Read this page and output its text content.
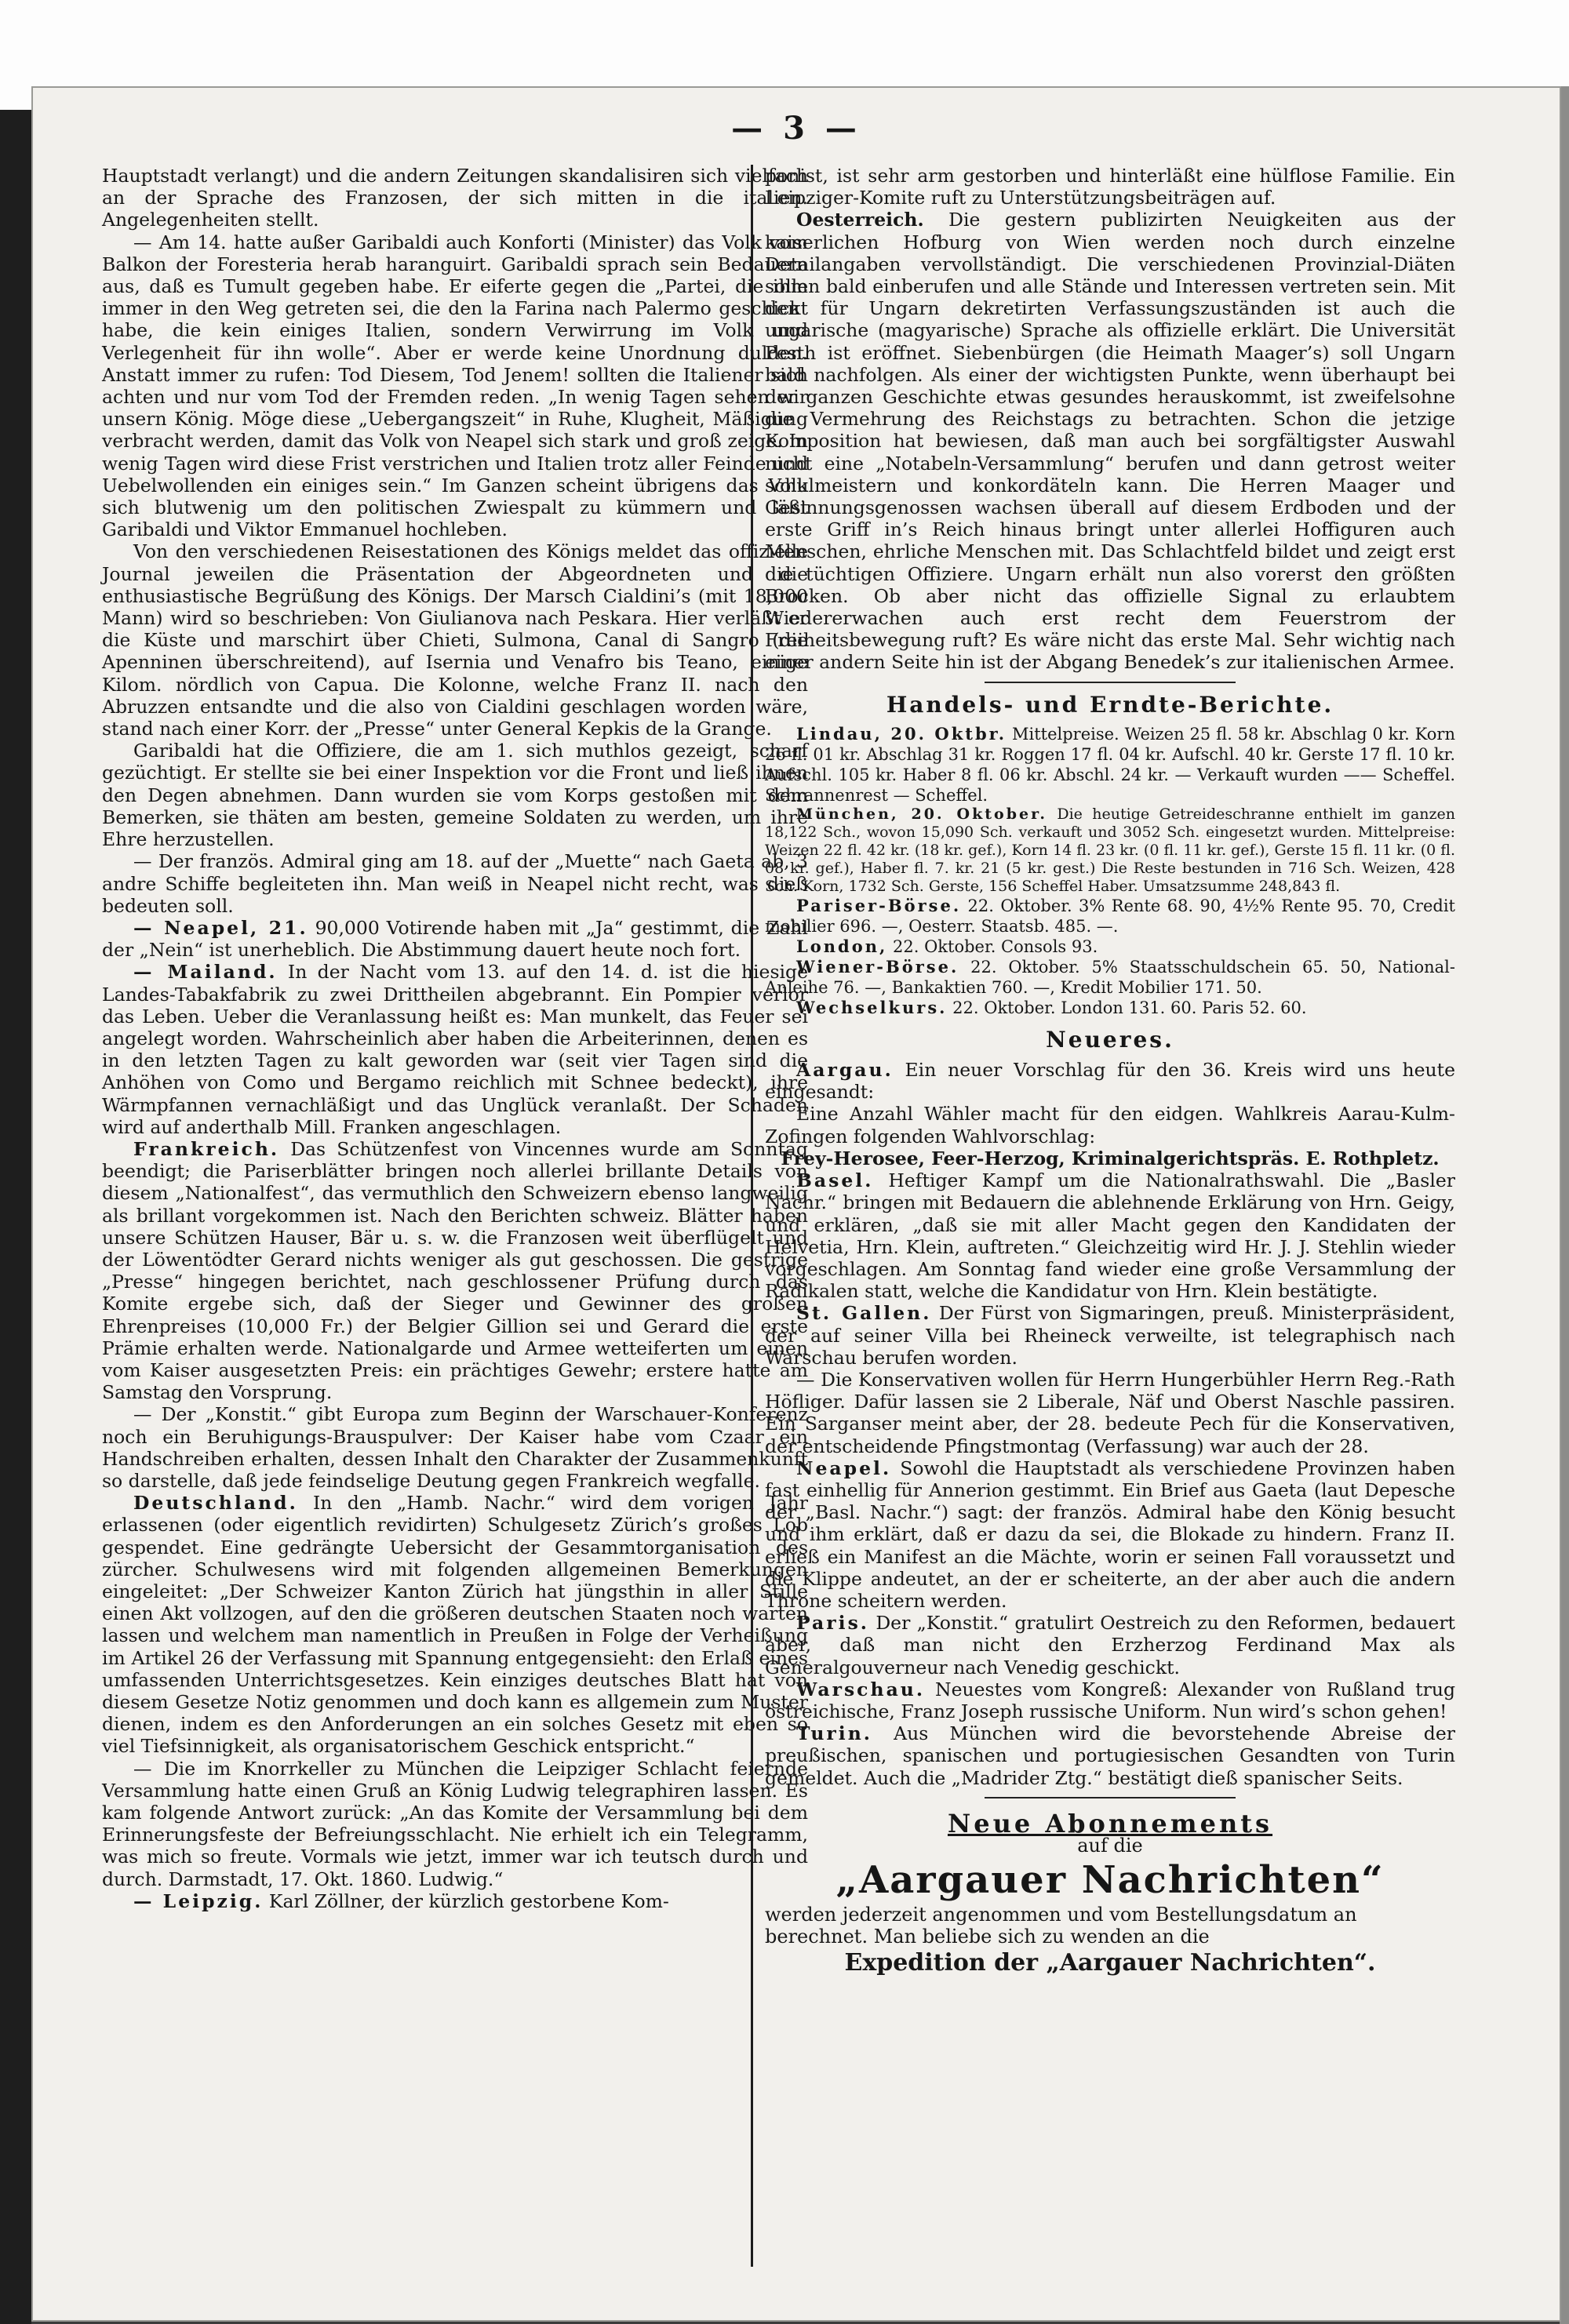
— 3 —

Hauptstadt verlangt) und die andern Zeitungen skandalisiren sich vielfach an der Sprache des Franzosen, der sich mitten in die italien. Angelegenheiten stellt.

— Am 14. hatte außer Garibaldi auch Konforti (Minister) das Volk vom Balkon der Foresteria herab haranguirt. Garibaldi sprach sein Bedauern aus, daß es Tumult gegeben habe. Er eiferte gegen die „Partei, die ihm immer in den Weg getreten sei, die den la Farina nach Palermo geschickt habe, die kein einiges Italien, sondern Verwirrung im Volk und Verlegenheit für ihn wolle“. Aber er werde keine Unordnung dulden. Anstatt immer zu rufen: Tod Diesem, Tod Jenem! sollten die Italiener sich achten und nur vom Tod der Fremden reden. „In wenig Tagen sehen wir unsern König. Möge diese „Uebergangszeit“ in Ruhe, Klugheit, Mäßigung verbracht werden, damit das Volk von Neapel sich stark und groß zeige. In wenig Tagen wird diese Frist verstrichen und Italien trotz aller Feinde und Uebelwollenden ein einiges sein.“ Im Ganzen scheint übrigens das Volk sich blutwenig um den politischen Zwiespalt zu kümmern und läßt Garibaldi und Viktor Emmanuel hochleben.

Von den verschiedenen Reisestationen des Königs meldet das offizielle Journal jeweilen die Präsentation der Abgeordneten und die enthusiastische Begrüßung des Königs. Der Marsch Cialdini’s (mit 18,000 Mann) wird so beschrieben: Von Giulianova nach Peskara. Hier verläßt er die Küste und marschirt über Chieti, Sulmona, Canal di Sangro (die Apenninen überschreitend), auf Isernia und Venafro bis Teano, einige Kilom. nördlich von Capua. Die Kolonne, welche Franz II. nach den Abruzzen entsandte und die also von Cialdini geschlagen worden wäre, stand nach einer Korr. der „Presse“ unter General Kepkis de la Grange.

Garibaldi hat die Offiziere, die am 1. sich muthlos gezeigt, scharf gezüchtigt. Er stellte sie bei einer Inspektion vor die Front und ließ ihnen den Degen abnehmen. Dann wurden sie vom Korps gestoßen mit dem Bemerken, sie thäten am besten, gemeine Soldaten zu werden, um ihre Ehre herzustellen.

— Der französ. Admiral ging am 18. auf der „Muette“ nach Gaeta ab, 3 andre Schiffe begleiteten ihn. Man weiß in Neapel nicht recht, was dieß bedeuten soll.

— Neapel, 21. 90,000 Votirende haben mit „Ja“ gestimmt, die Zahl der „Nein“ ist unerheblich. Die Abstimmung dauert heute noch fort.

— Mailand. In der Nacht vom 13. auf den 14. d. ist die hiesige Landes-Tabakfabrik zu zwei Drittheilen abgebrannt. Ein Pompier verlor das Leben. Ueber die Veranlassung heißt es: Man munkelt, das Feuer sei angelegt worden. Wahrscheinlich aber haben die Arbeiterinnen, denen es in den letzten Tagen zu kalt geworden war (seit vier Tagen sind die Anhöhen von Como und Bergamo reichlich mit Schnee bedeckt), ihre Wärmpfannen vernachläßigt und das Unglück veranlaßt. Der Schaden wird auf anderthalb Mill. Franken angeschlagen.

Frankreich. Das Schützenfest von Vincennes wurde am Sonntag beendigt; die Pariserblätter bringen noch allerlei brillante Details von diesem „Nationalfest“, das vermuthlich den Schweizern ebenso langweilig als brillant vorgekommen ist. Nach den Berichten schweiz. Blätter haben unsere Schützen Hauser, Bär u. s. w. die Franzosen weit überflügelt und der Löwentödter Gerard nichts weniger als gut geschossen. Die gestrige „Presse“ hingegen berichtet, nach geschlossener Prüfung durch das Komite ergebe sich, daß der Sieger und Gewinner des großen Ehrenpreises (10,000 Fr.) der Belgier Gillion sei und Gerard die erste Prämie erhalten werde. Nationalgarde und Armee wetteiferten um einen vom Kaiser ausgesetzten Preis: ein prächtiges Gewehr; erstere hatte am Samstag den Vorsprung.

— Der „Konstit.“ gibt Europa zum Beginn der Warschauer-Konferenz noch ein Beruhigungs-Brauspulver: Der Kaiser habe vom Czaar ein Handschreiben erhalten, dessen Inhalt den Charakter der Zusammenkunft so darstelle, daß jede feindselige Deutung gegen Frankreich wegfalle.

Deutschland. In den „Hamb. Nachr.“ wird dem vorigen Jahr erlassenen (oder eigentlich revidirten) Schulgesetz Zürich’s großes Lob gespendet. Eine gedrängte Uebersicht der Gesammtorganisation des zürcher. Schulwesens wird mit folgenden allgemeinen Bemerkungen eingeleitet: „Der Schweizer Kanton Zürich hat jüngsthin in aller Stille einen Akt vollzogen, auf den die größeren deutschen Staaten noch warten lassen und welchem man namentlich in Preußen in Folge der Verheißung im Artikel 26 der Verfassung mit Spannung entgegensieht: den Erlaß eines umfassenden Unterrichtsgesetzes. Kein einziges deutsches Blatt hat von diesem Gesetze Notiz genommen und doch kann es allgemein zum Muster dienen, indem es den Anforderungen an ein solches Gesetz mit eben so viel Tiefsinnigkeit, als organisatorischem Geschick entspricht.“

— Die im Knorrkeller zu München die Leipziger Schlacht feiernde Versammlung hatte einen Gruß an König Ludwig telegraphiren lassen. Es kam folgende Antwort zurück: „An das Komite der Versammlung bei dem Erinnerungsfeste der Befreiungsschlacht. Nie erhielt ich ein Telegramm, was mich so freute. Vormals wie jetzt, immer war ich teutsch durch und durch. Darmstadt, 17. Okt. 1860. Ludwig.“

— Leipzig. Karl Zöllner, der kürzlich gestorbene Kom-

ponist, ist sehr arm gestorben und hinterläßt eine hülflose Familie. Ein Leipziger-Komite ruft zu Unterstützungsbeiträgen auf.

Oesterreich. Die gestern publizirten Neuigkeiten aus der kaiserlichen Hofburg von Wien werden noch durch einzelne Detailangaben vervollständigt. Die verschiedenen Provinzial-Diäten sollen bald einberufen und alle Stände und Interessen vertreten sein. Mit den für Ungarn dekretirten Verfassungszuständen ist auch die ungarische (magyarische) Sprache als offizielle erklärt. Die Universität Pesth ist eröffnet. Siebenbürgen (die Heimath Maager’s) soll Ungarn bald nachfolgen. Als einer der wichtigsten Punkte, wenn überhaupt bei der ganzen Geschichte etwas gesundes herauskommt, ist zweifelsohne die Vermehrung des Reichstags zu betrachten. Schon die jetzige Komposition hat bewiesen, daß man auch bei sorgfältigster Auswahl nicht eine „Notabeln-Versammlung“ berufen und dann getrost weiter schulmeistern und konkordäteln kann. Die Herren Maager und Gesinnungsgenossen wachsen überall auf diesem Erdboden und der erste Griff in’s Reich hinaus bringt unter allerlei Hoffiguren auch Menschen, ehrliche Menschen mit. Das Schlachtfeld bildet und zeigt erst die tüchtigen Offiziere. Ungarn erhält nun also vorerst den größten Brocken. Ob aber nicht das offizielle Signal zu erlaubtem Wiedererwachen auch erst recht dem Feuerstrom der Freiheitsbewegung ruft? Es wäre nicht das erste Mal. Sehr wichtig nach einer andern Seite hin ist der Abgang Benedek’s zur italienischen Armee.

Handels- und Erndte-Berichte.

Lindau, 20. Oktbr. Mittelpreise. Weizen 25 fl. 58 kr. Abschlag 0 kr. Korn 26 fl. 01 kr. Abschlag 31 kr. Roggen 17 fl. 04 kr. Aufschl. 40 kr. Gerste 17 fl. 10 kr. Aufschl. 105 kr. Haber 8 fl. 06 kr. Abschl. 24 kr. — Verkauft wurden —— Scheffel. Schrannenrest — Scheffel.

München, 20. Oktober. Die heutige Getreideschranne enthielt im ganzen 18,122 Sch., wovon 15,090 Sch. verkauft und 3052 Sch. eingesetzt wurden. Mittelpreise: Weizen 22 fl. 42 kr. (18 kr. gef.), Korn 14 fl. 23 kr. (0 fl. 11 kr. gef.), Gerste 15 fl. 11 kr. (0 fl. 08 kr. gef.), Haber fl. 7. kr. 21 (5 kr. gest.) Die Reste bestunden in 716 Sch. Weizen, 428 Sch. Korn, 1732 Sch. Gerste, 156 Scheffel Haber. Umsatzsumme 248,843 fl.

Pariser-Börse. 22. Oktober. 3% Rente 68. 90, 4½% Rente 95. 70, Credit mobilier 696. —, Oesterr. Staatsb. 485. —.

London, 22. Oktober. Consols 93.

Wiener-Börse. 22. Oktober. 5% Staatsschuldschein 65. 50, National-Anleihe 76. —, Bankaktien 760. —, Kredit Mobilier 171. 50.

Wechselkurs. 22. Oktober. London 131. 60. Paris 52. 60.

Neueres.

Aargau. Ein neuer Vorschlag für den 36. Kreis wird uns heute eingesandt:

Eine Anzahl Wähler macht für den eidgen. Wahlkreis Aarau-Kulm-Zofingen folgenden Wahlvorschlag:

Frey-Herosee, Feer-Herzog, Kriminalgerichtspräs. E. Rothpletz.

Basel. Heftiger Kampf um die Nationalrathswahl. Die „Basler Nachr.“ bringen mit Bedauern die ablehnende Erklärung von Hrn. Geigy, und erklären, „daß sie mit aller Macht gegen den Kandidaten der Helvetia, Hrn. Klein, auftreten.“ Gleichzeitig wird Hr. J. J. Stehlin wieder vorgeschlagen. Am Sonntag fand wieder eine große Versammlung der Radikalen statt, welche die Kandidatur von Hrn. Klein bestätigte.

St. Gallen. Der Fürst von Sigmaringen, preuß. Ministerpräsident, der auf seiner Villa bei Rheineck verweilte, ist telegraphisch nach Warschau berufen worden.

— Die Konservativen wollen für Herrn Hungerbühler Herrn Reg.-Rath Höfliger. Dafür lassen sie 2 Liberale, Näf und Oberst Naschle passiren. Ein Sarganser meint aber, der 28. bedeute Pech für die Konservativen, der entscheidende Pfingstmontag (Verfassung) war auch der 28.

Neapel. Sowohl die Hauptstadt als verschiedene Provinzen haben fast einhellig für Annerion gestimmt. Ein Brief aus Gaeta (laut Depesche der „Basl. Nachr.“) sagt: der französ. Admiral habe den König besucht und ihm erklärt, daß er dazu da sei, die Blokade zu hindern. Franz II. erließ ein Manifest an die Mächte, worin er seinen Fall voraussetzt und die Klippe andeutet, an der er scheiterte, an der aber auch die andern Throne scheitern werden.

Paris. Der „Konstit.“ gratulirt Oestreich zu den Reformen, bedauert aber, daß man nicht den Erzherzog Ferdinand Max als Generalgouverneur nach Venedig geschickt.

Warschau. Neuestes vom Kongreß: Alexander von Rußland trug östreichische, Franz Joseph russische Uniform. Nun wird’s schon gehen!

Turin. Aus München wird die bevorstehende Abreise der preußischen, spanischen und portugiesischen Gesandten von Turin gemeldet. Auch die „Madrider Ztg.“ bestätigt dieß spanischer Seits.

Neue Abonnements
auf die
„Aargauer Nachrichten“
werden jederzeit angenommen und vom Bestellungsdatum an berechnet. Man beliebe sich zu wenden an die
Expedition der „Aargauer Nachrichten“.
